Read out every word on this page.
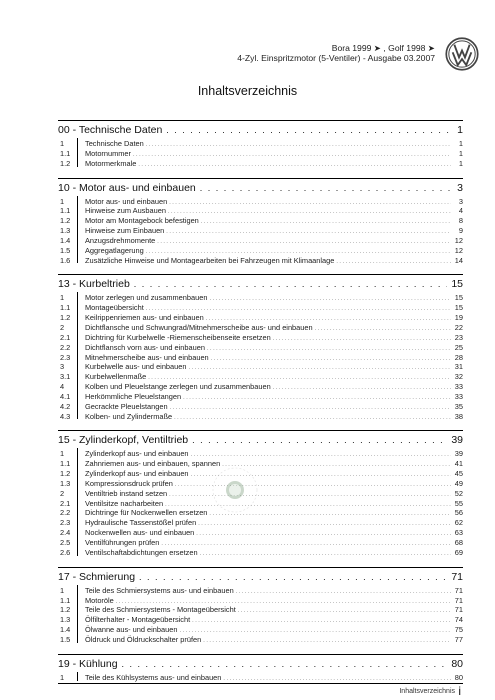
Bora 1999 ➤ , Golf 1998 ➤
4-Zyl. Einspritzmotor (5-Ventiler) - Ausgabe 03.2007
Inhaltsverzeichnis
00 - Technische Daten . . .	1
1	Technische Daten . . .	1
1.1	Motornummer . . .	1
1.2	Motormerkmale . . .	1
10 - Motor aus- und einbauen . . .	3
1	Motor aus- und einbauen . . .	3
1.1	Hinweise zum Ausbauen . . .	4
1.2	Motor am Montagebock befestigen . . .	8
1.3	Hinweise zum Einbauen . . .	9
1.4	Anzugsdrehmomente . . .	12
1.5	Aggregatlagerung . . .	12
1.6	Zusätzliche Hinweise und Montagearbeiten bei Fahrzeugen mit Klimaanlage . . .	14
13 - Kurbeltrieb . . .	15
1	Motor zerlegen und zusammenbauen . . .	15
1.1	Montageübersicht . . .	15
1.2	Keilrippenriemen aus- und einbauen . . .	19
2	Dichtflansche und Schwungrad/Mitnehmerscheibe aus- und einbauen . . .	22
2.1	Dichtring für Kurbelwelle -Riemenscheibenseite ersetzen . . .	23
2.2	Dichtflansch vorn aus- und einbauen . . .	25
2.3	Mitnehmerscheibe aus- und einbauen . . .	28
3	Kurbelwelle aus- und einbauen . . .	31
3.1	Kurbelwellenmaße . . .	32
4	Kolben und Pleuelstange zerlegen und zusammenbauen . . .	33
4.1	Herkömmliche Pleuelstangen . . .	33
4.2	Gecrackte Pleuelstangen . . .	35
4.3	Kolben- und Zylindermaße . . .	38
15 - Zylinderkopf, Ventiltrieb . . .	39
1	Zylinderkopf aus- und einbauen . . .	39
1.1	Zahnriemen aus- und einbauen, spannen . . .	41
1.2	Zylinderkopf aus- und einbauen . . .	45
1.3	Kompressionsdruck prüfen . . .	49
2	Ventiltrieb instand setzen . . .	52
2.1	Ventilsitze nacharbeiten . . .	55
2.2	Dichtringe für Nockenwellen ersetzen . . .	56
2.3	Hydraulische Tassenstößel prüfen . . .	62
2.4	Nockenwellen aus- und einbauen . . .	63
2.5	Ventilführungen prüfen . . .	68
2.6	Ventilschaftabdichtungen ersetzen . . .	69
17 - Schmierung . . .	71
1	Teile des Schmiersystems aus- und einbauen . . .	71
1.1	Motoröle . . .	71
1.2	Teile des Schmiersystems - Montageübersicht . . .	71
1.3	Ölfilterhalter - Montageübersicht . . .	74
1.4	Ölwanne aus- und einbauen . . .	75
1.5	Öldruck und Öldruckschalter prüfen . . .	77
19 - Kühlung . . .	80
1	Teile des Kühlsystems aus- und einbauen . . .	80
Inhaltsverzeichnis i
